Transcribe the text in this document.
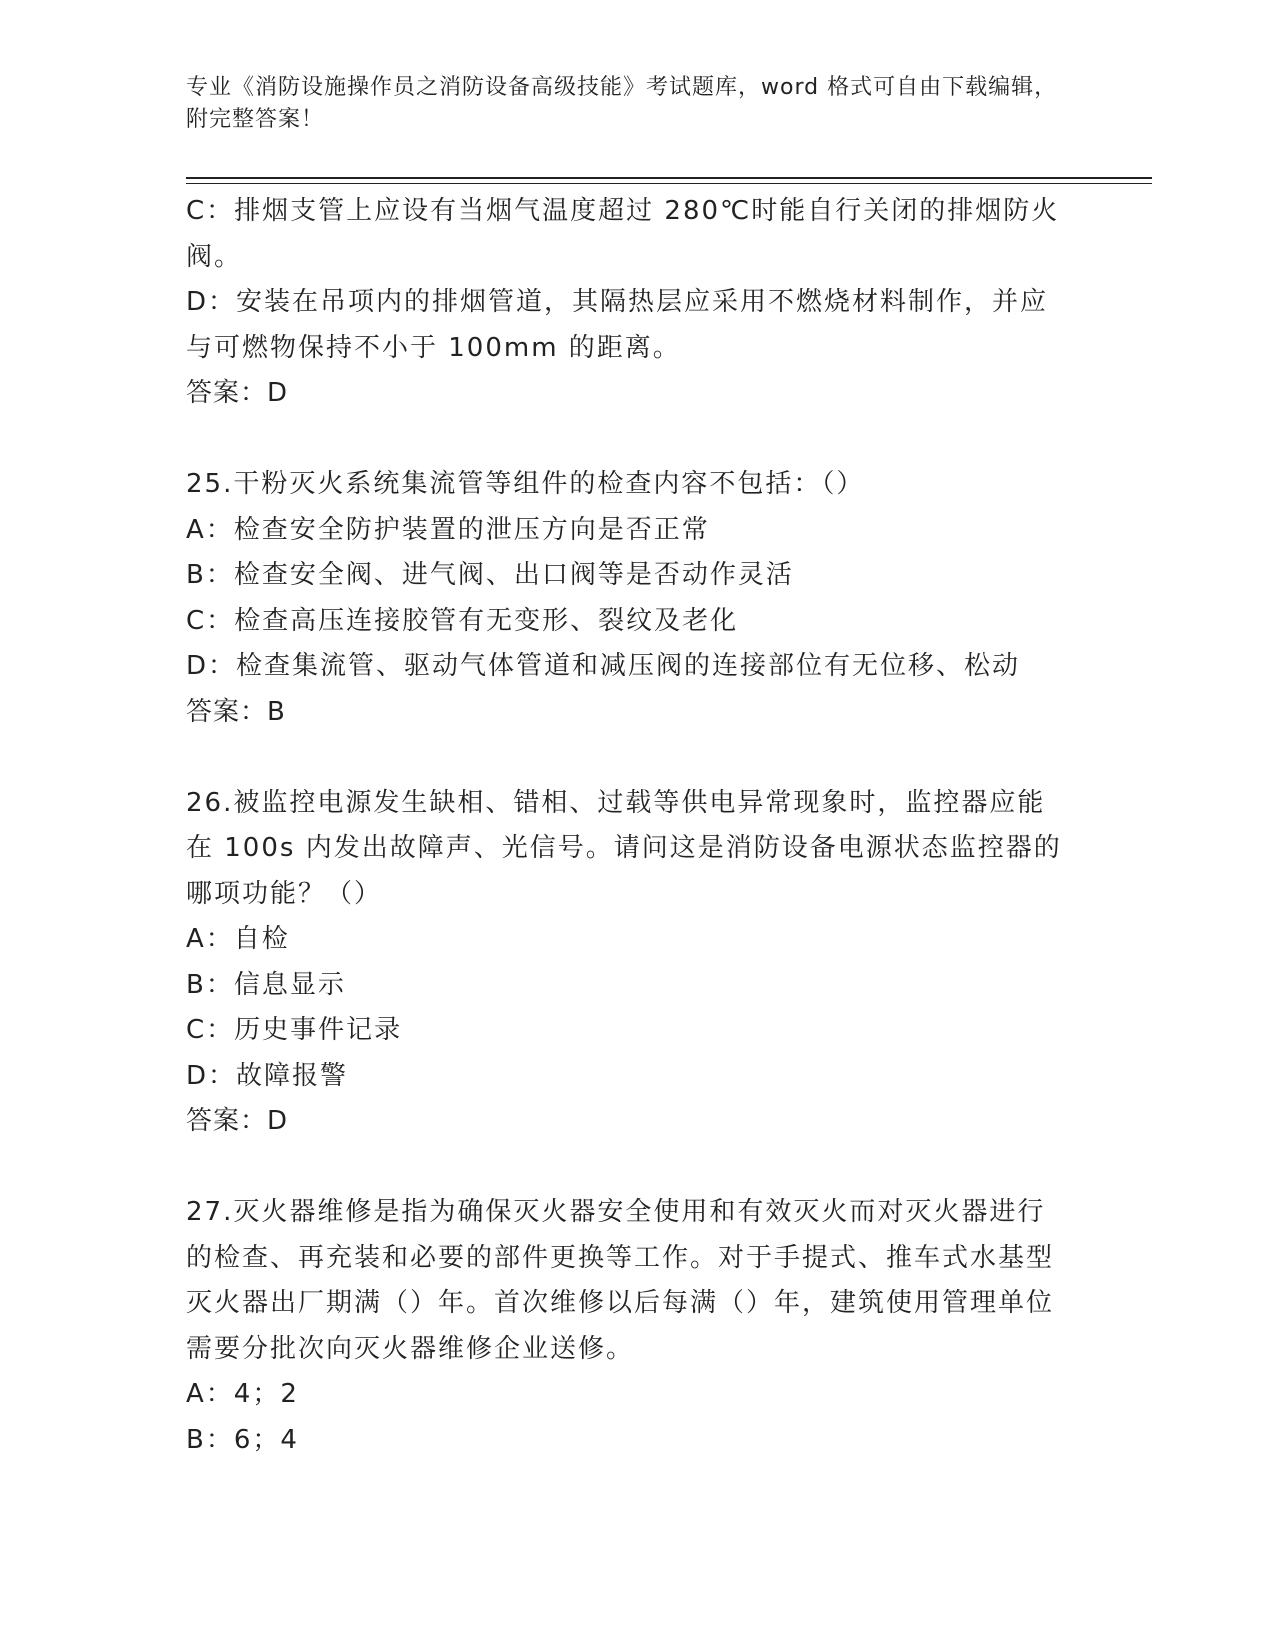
专业《消防设施操作员之消防设备高级技能》考试题库，word 格式可自由下载编辑，附完整答案！
C：排烟支管上应设有当烟气温度超过 280℃时能自行关闭的排烟防火阀。
D：安装在吊项内的排烟管道，其隔热层应采用不燃烧材料制作，并应与可燃物保持不小于 100mm 的距离。
答案：D
25.干粉灭火系统集流管等组件的检查内容不包括：（）
A：检查安全防护装置的泄压方向是否正常
B：检查安全阀、进气阀、出口阀等是否动作灵活
C：检查高压连接胶管有无变形、裂纹及老化
D：检查集流管、驱动气体管道和减压阀的连接部位有无位移、松动
答案：B
26.被监控电源发生缺相、错相、过载等供电异常现象时，监控器应能在 100s 内发出故障声、光信号。请问这是消防设备电源状态监控器的哪项功能？（）
A：自检
B：信息显示
C：历史事件记录
D：故障报警
答案：D
27.灭火器维修是指为确保灭火器安全使用和有效灭火而对灭火器进行的检查、再充装和必要的部件更换等工作。对于手提式、推车式水基型灭火器出厂期满（）年。首次维修以后每满（）年，建筑使用管理单位需要分批次向灭火器维修企业送修。
A：4；2
B：6；4
